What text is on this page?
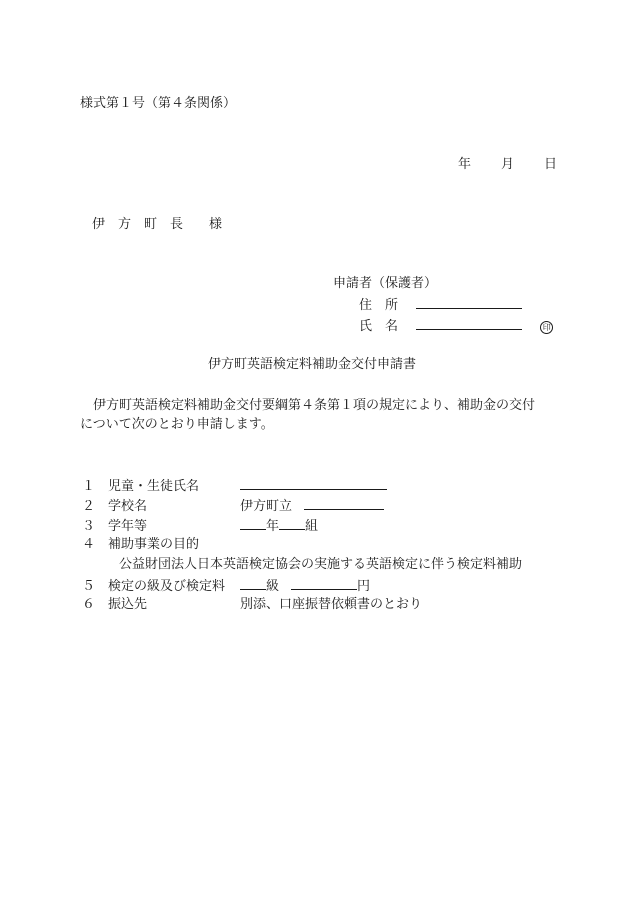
様式第１号（第４条関係）
年 月 日
伊　方　町　長 様
申請者（保護者）
住　所
氏　名	印
伊方町英語検定料補助金交付申請書
伊方町英語検定料補助金交付要綱第４条第１項の規定により、補助金の交付
について次のとおり申請します。
１ 児童・生徒氏名
２ 学校名	伊方町立
３ 学年等	年 組
４ 補助事業の目的
公益財団法人日本英語検定協会の実施する英語検定に伴う検定料補助
５ 検定の級及び検定料	級	円
６ 振込先	別添、口座振替依頼書のとおり
